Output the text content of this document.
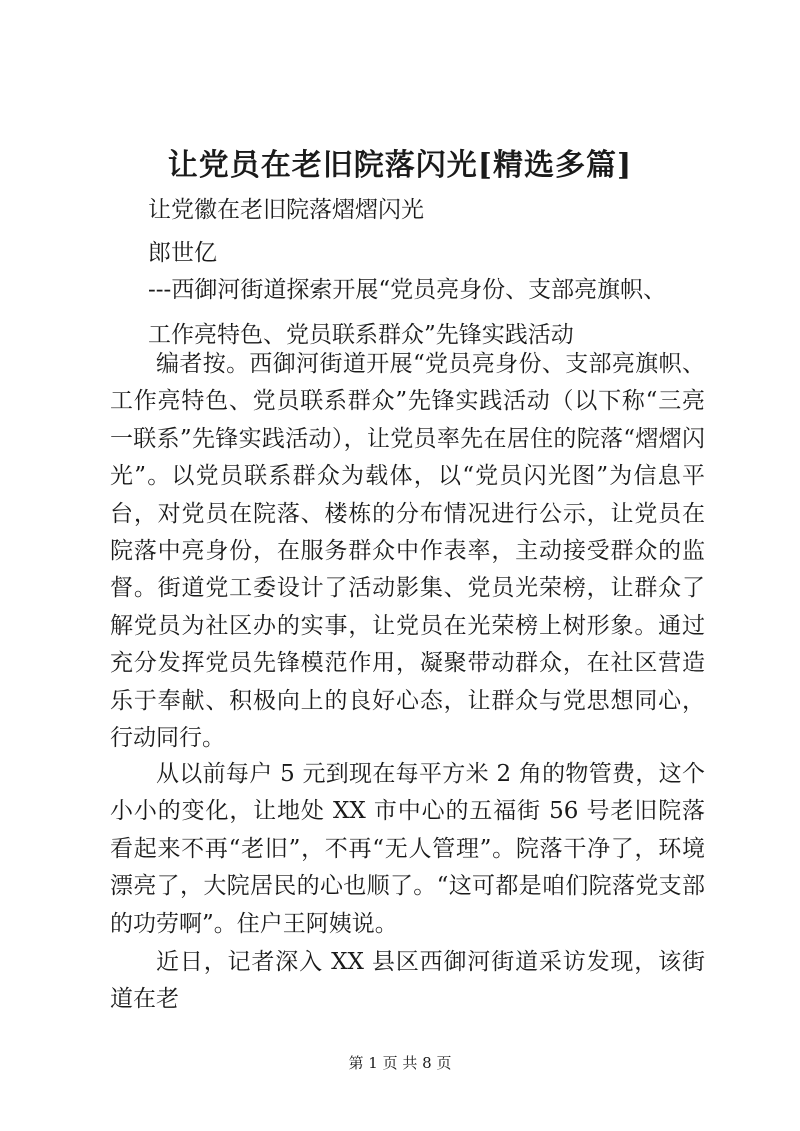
让党员在老旧院落闪光[精选多篇]
让党徽在老旧院落熠熠闪光
郎世亿
---西御河街道探索开展“党员亮身份、支部亮旗帜、
工作亮特色、党员联系群众”先锋实践活动

编者按。西御河街道开展“党员亮身份、支部亮旗帜、工作亮特色、党员联系群众”先锋实践活动（以下称“三亮一联系”先锋实践活动），让党员率先在居住的院落“熠熠闪光”。以党员联系群众为载体，以“党员闪光图”为信息平台，对党员在院落、楼栋的分布情况进行公示，让党员在院落中亮身份，在服务群众中作表率，主动接受群众的监督。街道党工委设计了活动影集、党员光荣榜，让群众了解党员为社区办的实事，让党员在光荣榜上树形象。通过充分发挥党员先锋模范作用，凝聚带动群众，在社区营造乐于奉献、积极向上的良好心态，让群众与党思想同心，行动同行。

从以前每户 5 元到现在每平方米 2 角的物管费，这个小小的变化，让地处 XX 市中心的五福街 56 号老旧院落看起来不再“老旧”，不再“无人管理”。院落干净了，环境漂亮了，大院居民的心也顺了。“这可都是咱们院落党支部的功劳啊”。住户王阿姨说。

近日，记者深入 XX 县区西御河街道采访发现，该街道在老

第 1 页 共 8 页
